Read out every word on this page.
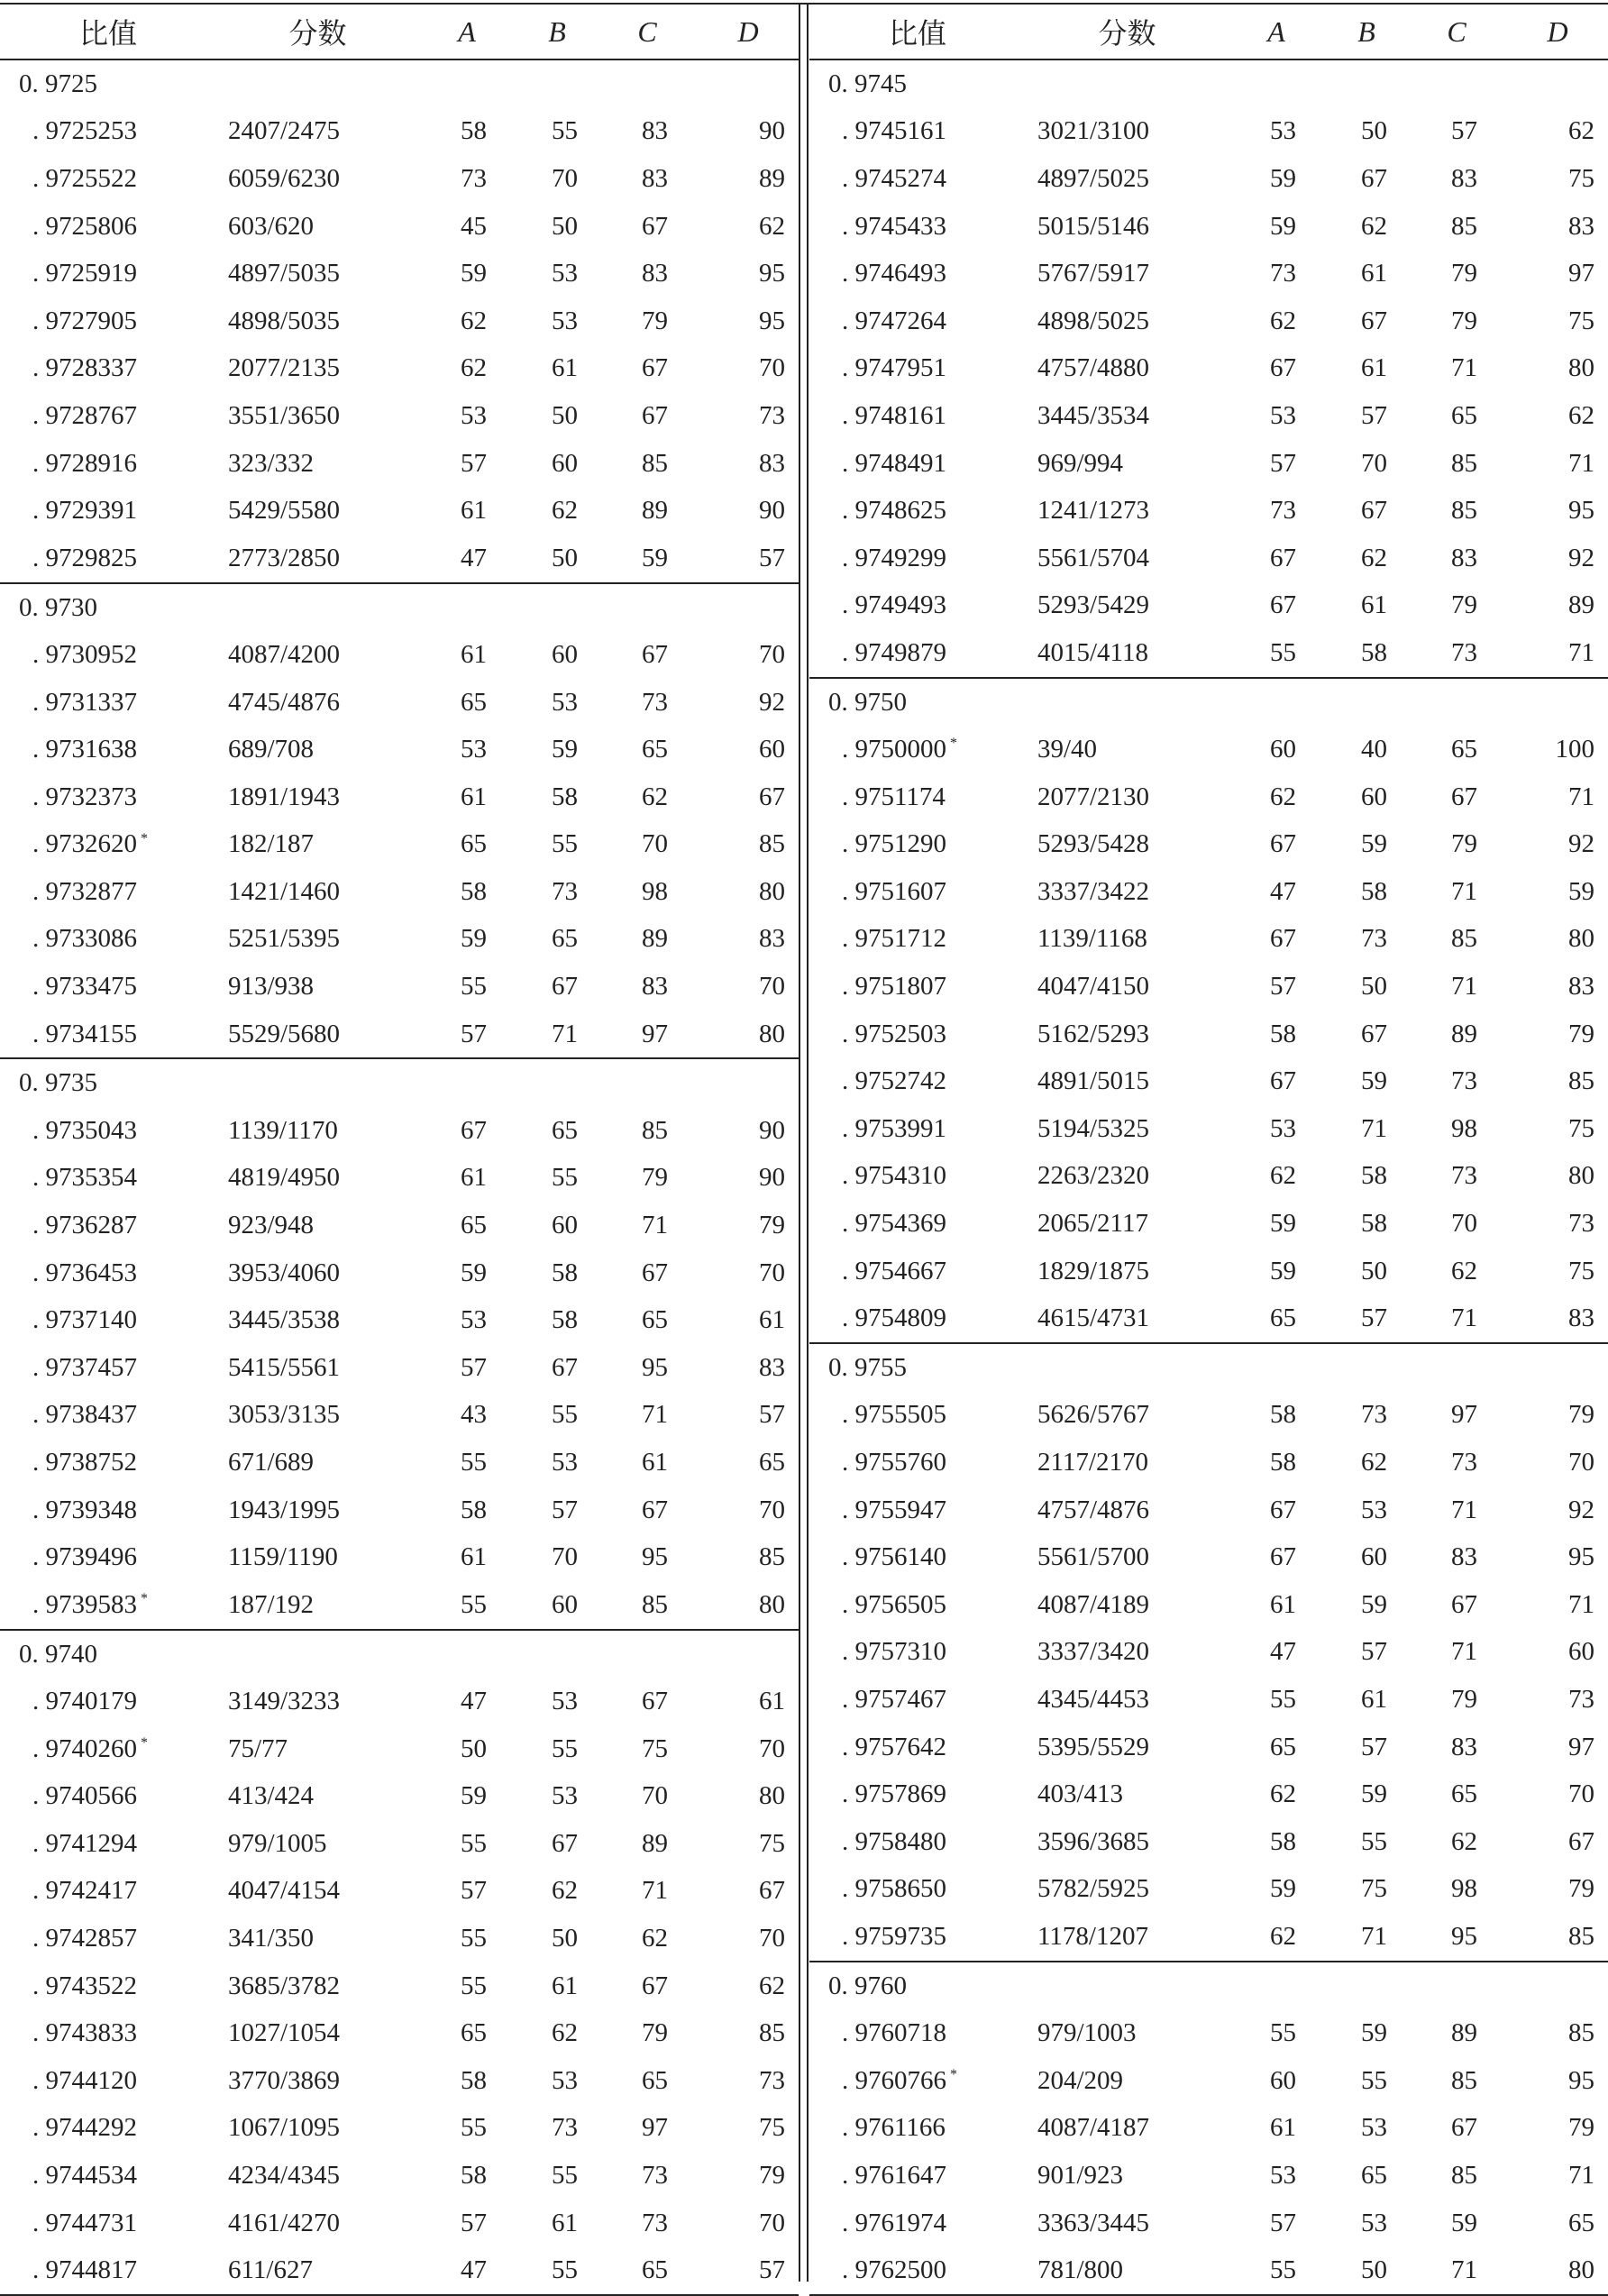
比值	分数	A	B	C	D
0. 9725
. 9725253	2407/2475	58	55	83	90
. 9725522	6059/6230	73	70	83	89
. 9725806	603/620	45	50	67	62
. 9725919	4897/5035	59	53	83	95
. 9727905	4898/5035	62	53	79	95
. 9728337	2077/2135	62	61	67	70
. 9728767	3551/3650	53	50	67	73
. 9728916	323/332	57	60	85	83
. 9729391	5429/5580	61	62	89	90
. 9729825	2773/2850	47	50	59	57
0. 9730
. 9730952	4087/4200	61	60	67	70
. 9731337	4745/4876	65	53	73	92
. 9731638	689/708	53	59	65	60
. 9732373	1891/1943	61	58	62	67
. 9732620 *	182/187	65	55	70	85
. 9732877	1421/1460	58	73	98	80
. 9733086	5251/5395	59	65	89	83
. 9733475	913/938	55	67	83	70
. 9734155	5529/5680	57	71	97	80
0. 9735
. 9735043	1139/1170	67	65	85	90
. 9735354	4819/4950	61	55	79	90
. 9736287	923/948	65	60	71	79
. 9736453	3953/4060	59	58	67	70
. 9737140	3445/3538	53	58	65	61
. 9737457	5415/5561	57	67	95	83
. 9738437	3053/3135	43	55	71	57
. 9738752	671/689	55	53	61	65
. 9739348	1943/1995	58	57	67	70
. 9739496	1159/1190	61	70	95	85
. 9739583 *	187/192	55	60	85	80
0. 9740
. 9740179	3149/3233	47	53	67	61
. 9740260 *	75/77	50	55	75	70
. 9740566	413/424	59	53	70	80
. 9741294	979/1005	55	67	89	75
. 9742417	4047/4154	57	62	71	67
. 9742857	341/350	55	50	62	70
. 9743522	3685/3782	55	61	67	62
. 9743833	1027/1054	65	62	79	85
. 9744120	3770/3869	58	53	65	73
. 9744292	1067/1095	55	73	97	75
. 9744534	4234/4345	58	55	73	79
. 9744731	4161/4270	57	61	73	70
. 9744817	611/627	47	55	65	57
比值	分数	A	B	C	D
0. 9745
. 9745161	3021/3100	53	50	57	62
. 9745274	4897/5025	59	67	83	75
. 9745433	5015/5146	59	62	85	83
. 9746493	5767/5917	73	61	79	97
. 9747264	4898/5025	62	67	79	75
. 9747951	4757/4880	67	61	71	80
. 9748161	3445/3534	53	57	65	62
. 9748491	969/994	57	70	85	71
. 9748625	1241/1273	73	67	85	95
. 9749299	5561/5704	67	62	83	92
. 9749493	5293/5429	67	61	79	89
. 9749879	4015/4118	55	58	73	71
0. 9750
. 9750000 *	39/40	60	40	65	100
. 9751174	2077/2130	62	60	67	71
. 9751290	5293/5428	67	59	79	92
. 9751607	3337/3422	47	58	71	59
. 9751712	1139/1168	67	73	85	80
. 9751807	4047/4150	57	50	71	83
. 9752503	5162/5293	58	67	89	79
. 9752742	4891/5015	67	59	73	85
. 9753991	5194/5325	53	71	98	75
. 9754310	2263/2320	62	58	73	80
. 9754369	2065/2117	59	58	70	73
. 9754667	1829/1875	59	50	62	75
. 9754809	4615/4731	65	57	71	83
0. 9755
. 9755505	5626/5767	58	73	97	79
. 9755760	2117/2170	58	62	73	70
. 9755947	4757/4876	67	53	71	92
. 9756140	5561/5700	67	60	83	95
. 9756505	4087/4189	61	59	67	71
. 9757310	3337/3420	47	57	71	60
. 9757467	4345/4453	55	61	79	73
. 9757642	5395/5529	65	57	83	97
. 9757869	403/413	62	59	65	70
. 9758480	3596/3685	58	55	62	67
. 9758650	5782/5925	59	75	98	79
. 9759735	1178/1207	62	71	95	85
0. 9760
. 9760718	979/1003	55	59	89	85
. 9760766 *	204/209	60	55	85	95
. 9761166	4087/4187	61	53	67	79
. 9761647	901/923	53	65	85	71
. 9761974	3363/3445	57	53	59	65
. 9762500	781/800	55	50	71	80
